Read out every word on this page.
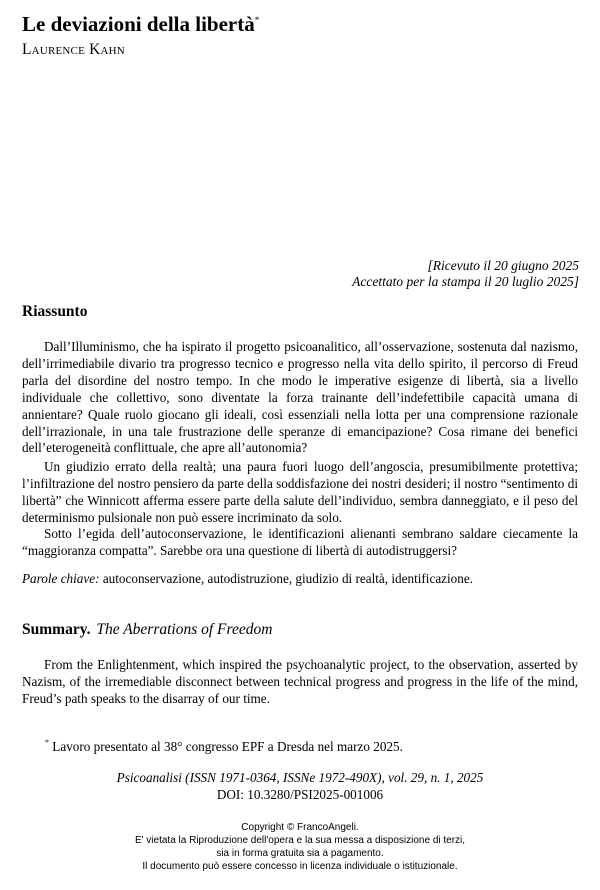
Le deviazioni della libertà*
Laurence Kahn
[Ricevuto il 20 giugno 2025
Accettato per la stampa il 20 luglio 2025]
Riassunto

Dall’Illuminismo, che ha ispirato il progetto psicoanalitico, all’osservazione, sostenuta dal nazismo, dell’irrimediabile divario tra progresso tecnico e progresso nella vita dello spirito, il percorso di Freud parla del disordine del nostro tempo. In che modo le imperative esigenze di libertà, sia a livello individuale che collettivo, sono diventate la forza trainante dell’indefettibile capacità umana di annientare? Quale ruolo giocano gli ideali, così essenziali nella lotta per una comprensione razionale dell’irrazionale, in una tale frustrazione delle speranze di emancipazione? Cosa rimane dei benefici dell’eterogeneità conflittuale, che apre all’autonomia?

Un giudizio errato della realtà; una paura fuori luogo dell’angoscia, presumibilmente protettiva; l’infiltrazione del nostro pensiero da parte della soddisfazione dei nostri desideri; il nostro “sentimento di libertà” che Winnicott afferma essere parte della salute dell’individuo, sembra danneggiato, e il peso del determinismo pulsionale non può essere incriminato da solo.

Sotto l’egida dell’autoconservazione, le identificazioni alienanti sembrano saldare ciecamente la “maggioranza compatta”. Sarebbe ora una questione di libertà di autodistruggersi?

Parole chiave: autoconservazione, autodistruzione, giudizio di realtà, identificazione.
Summary. The Aberrations of Freedom

From the Enlightenment, which inspired the psychoanalytic project, to the observation, asserted by Nazism, of the irremediable disconnect between technical progress and progress in the life of the mind, Freud’s path speaks to the disarray of our time.

* Lavoro presentato al 38° congresso EPF a Dresda nel marzo 2025.
Psicoanalisi (ISSN 1971-0364, ISSNe 1972-490X), vol. 29, n. 1, 2025
DOI: 10.3280/PSI2025-001006
Copyright © FrancoAngeli.
E' vietata la Riproduzione dell'opera e la sua messa a disposizione di terzi,
sia in forma gratuita sia a pagamento.
Il documento può essere concesso in licenza individuale o istituzionale.
